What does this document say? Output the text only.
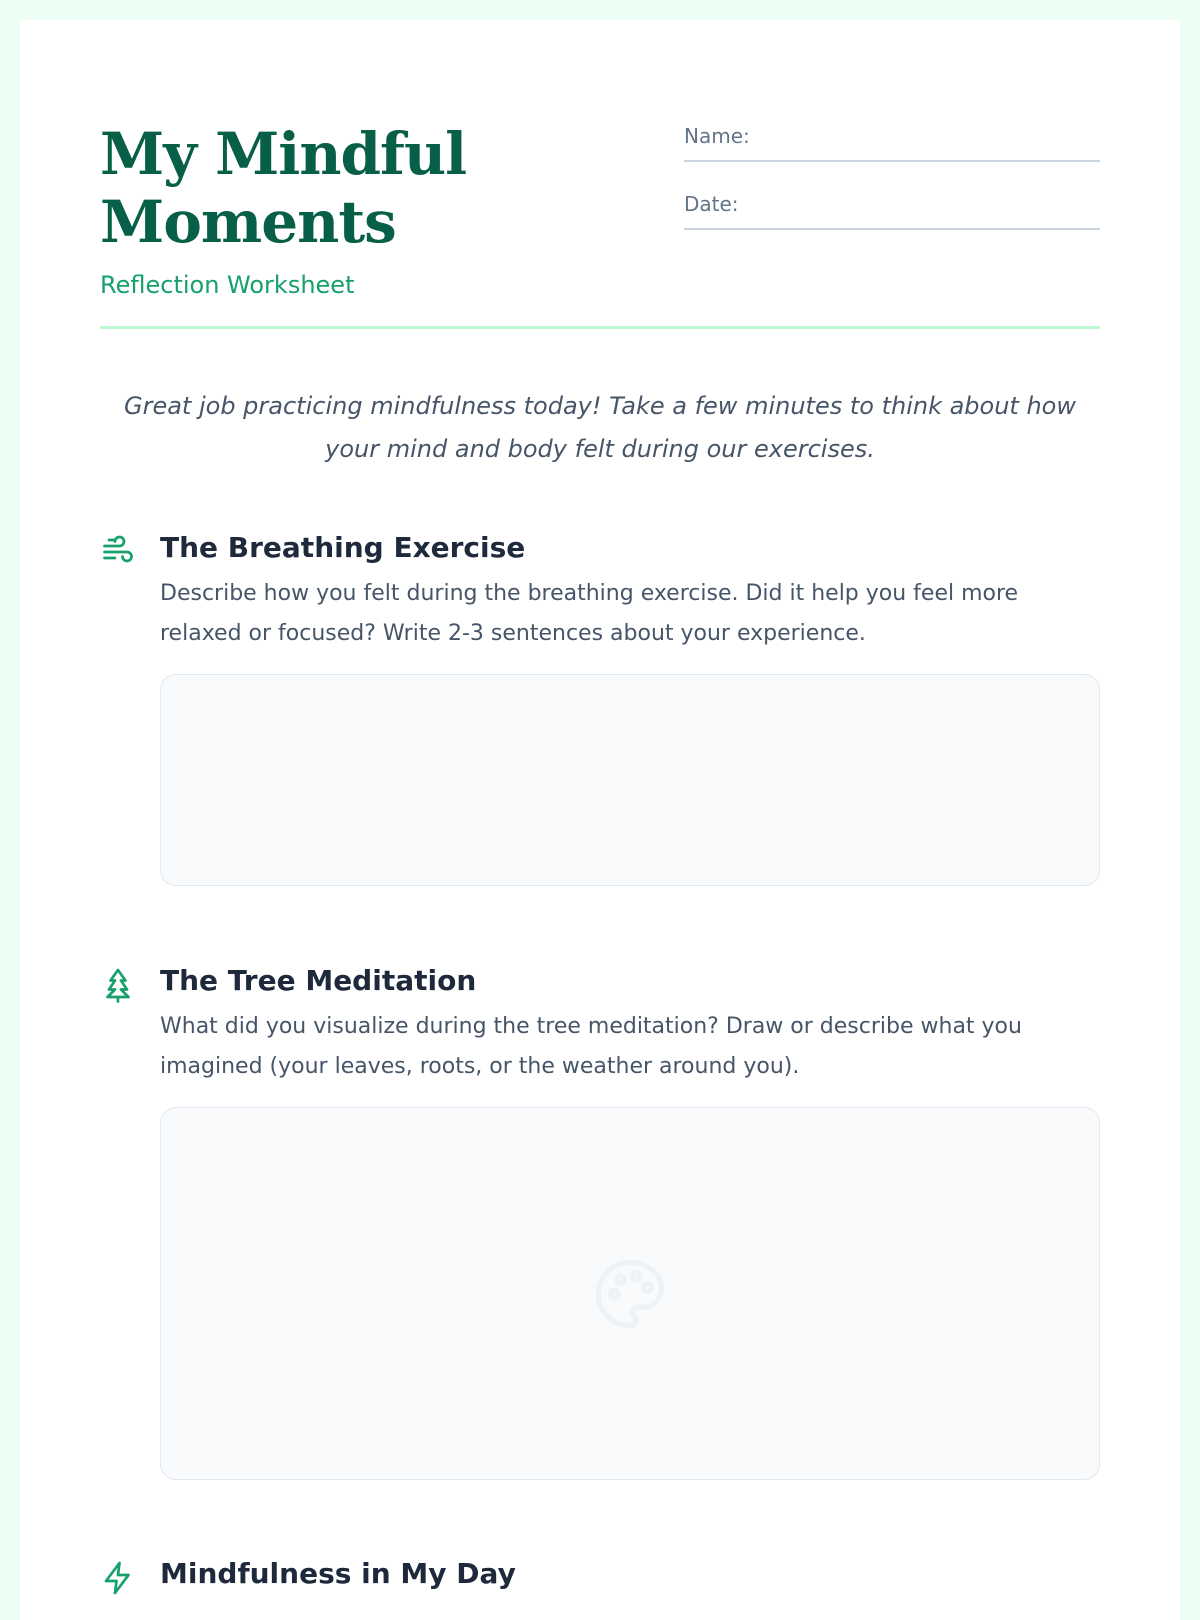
My Mindful Moments
Reflection Worksheet
Name:
Date:

Great job practicing mindfulness today! Take a few minutes to think about how your mind and body felt during our exercises.

The Breathing Exercise

Describe how you felt during the breathing exercise. Did it help you feel more relaxed or focused? Write 2-3 sentences about your experience.

The Tree Meditation

What did you visualize during the tree meditation? Draw or describe what you imagined (your leaves, roots, or the weather around you).

Mindfulness in My Day
